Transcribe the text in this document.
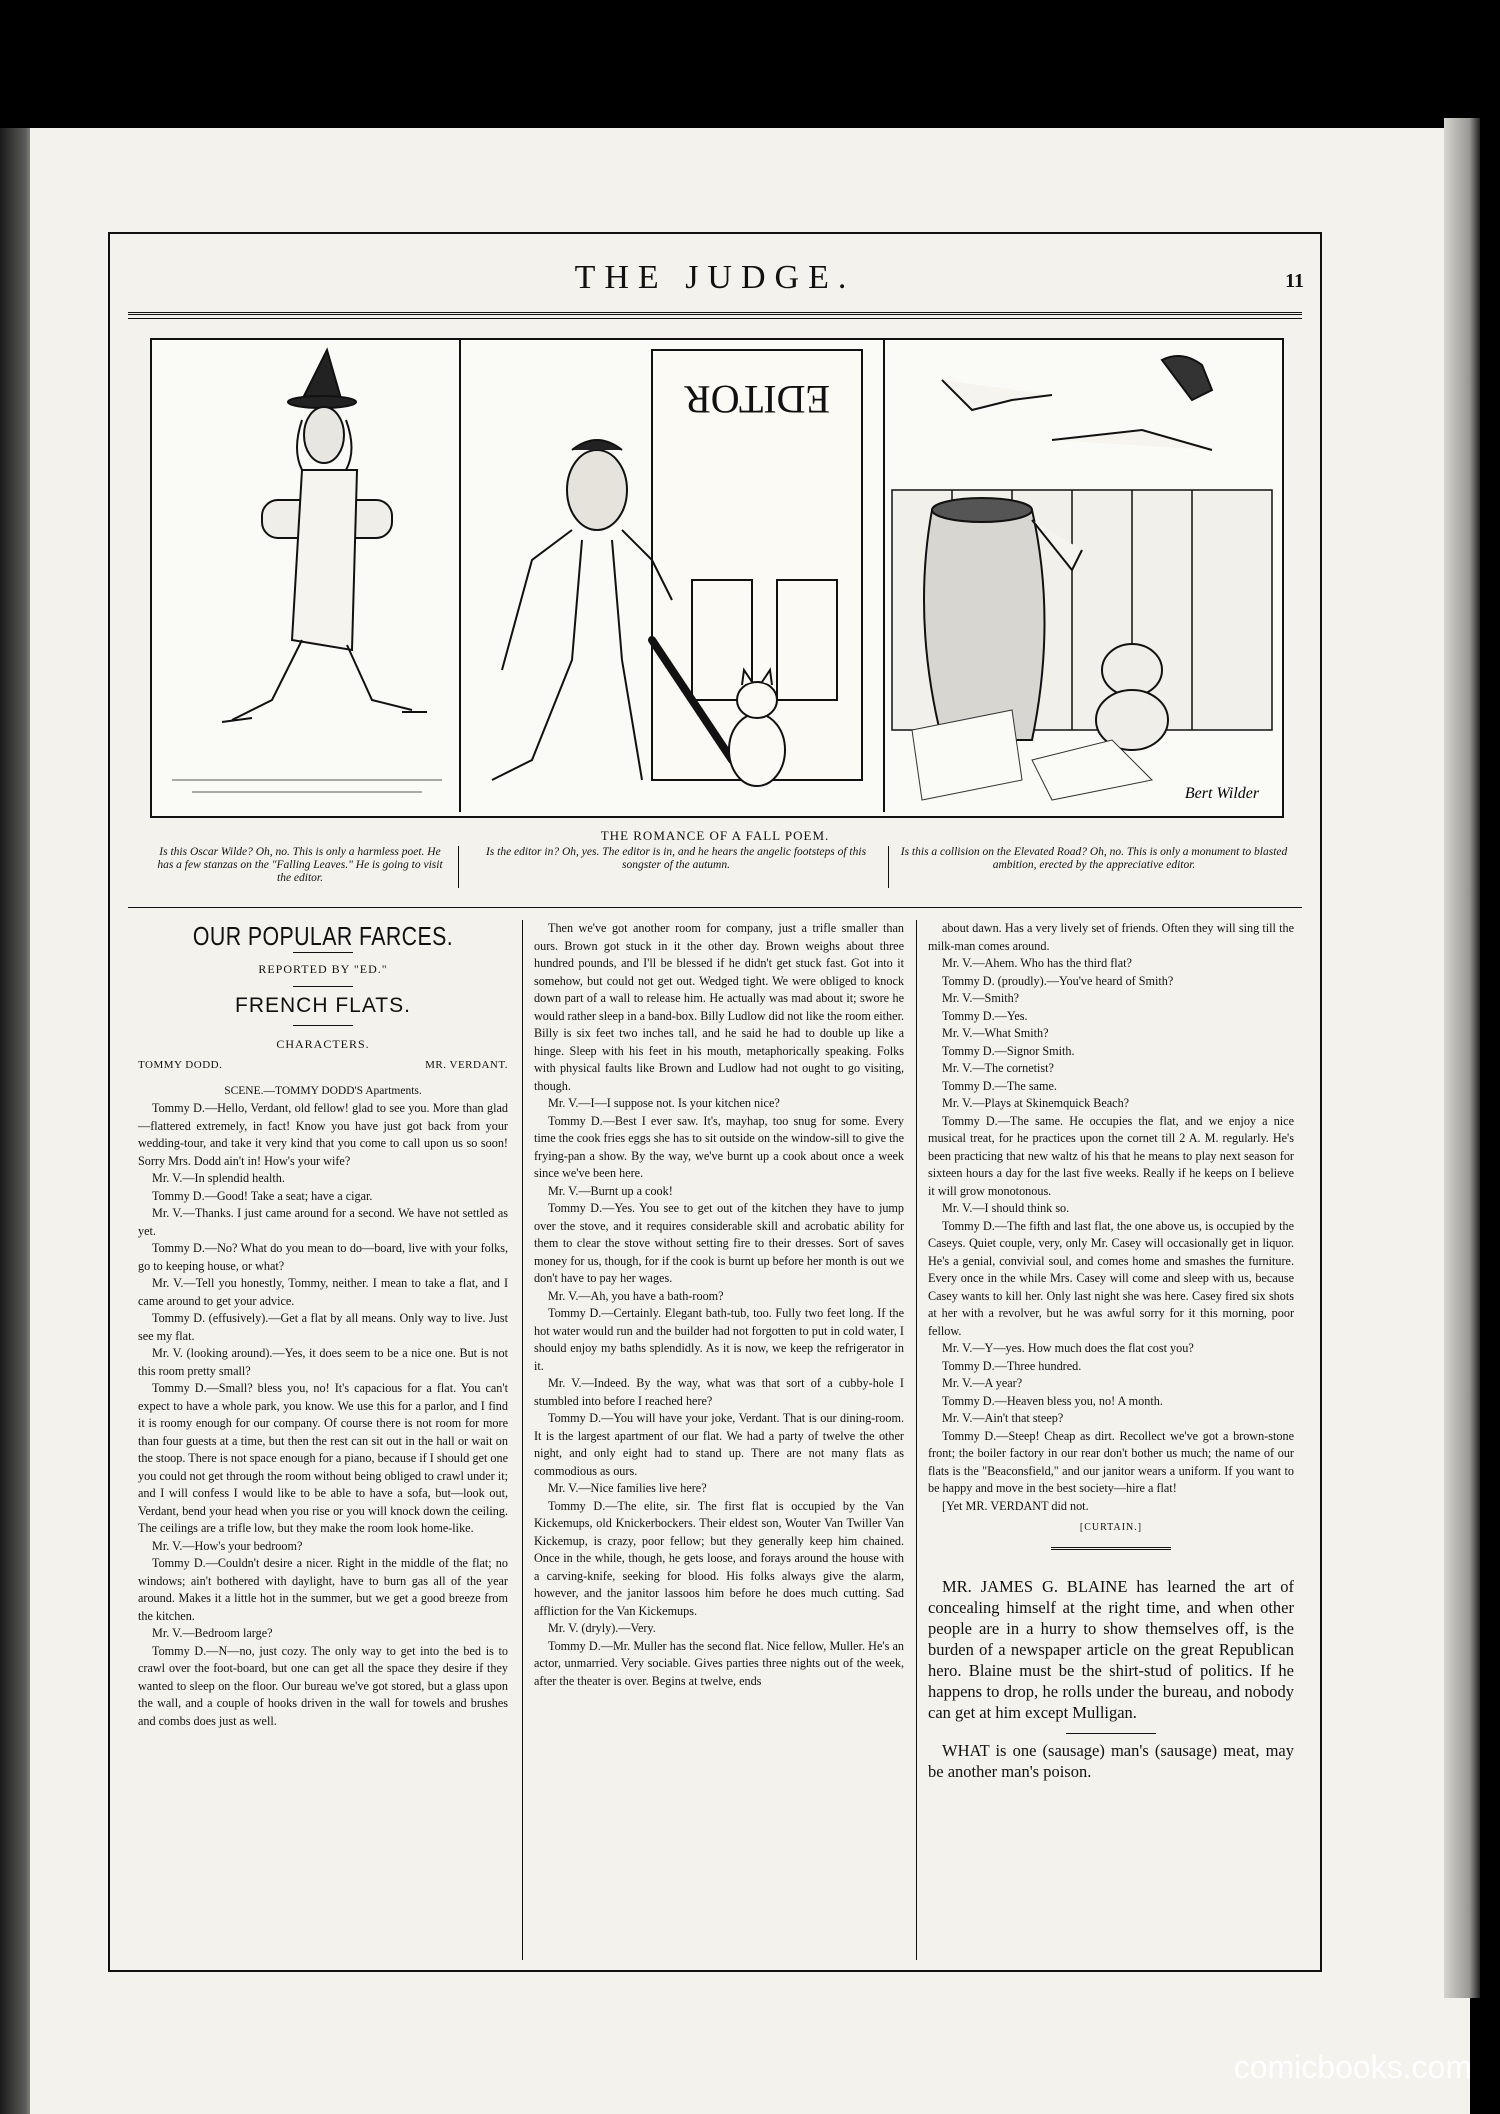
THE JUDGE.	11
EDITOR
Bert Wilder
THE ROMANCE OF A FALL POEM.
Is this Oscar Wilde? Oh, no. This is only a harmless poet. He has a few stanzas on the "Falling Leaves." He is going to visit the editor.
Is the editor in? Oh, yes. The editor is in, and he hears the angelic footsteps of this songster of the autumn.
Is this a collision on the Elevated Road? Oh, no. This is only a monument to blasted ambition, erected by the appreciative editor.
OUR POPULAR FARCES.
REPORTED BY "ED."
FRENCH FLATS.
CHARACTERS.
TOMMY DODD.	MR. VERDANT.

SCENE.—TOMMY DODD'S Apartments.

Tommy D.—Hello, Verdant, old fellow! glad to see you. More than glad—flattered extremely, in fact! Know you have just got back from your wedding-tour, and take it very kind that you come to call upon us so soon! Sorry Mrs. Dodd ain't in! How's your wife?

Mr. V.—In splendid health.

Tommy D.—Good! Take a seat; have a cigar.

Mr. V.—Thanks. I just came around for a second. We have not settled as yet.

Tommy D.—No? What do you mean to do—board, live with your folks, go to keeping house, or what?

Mr. V.—Tell you honestly, Tommy, neither. I mean to take a flat, and I came around to get your advice.

Tommy D. (effusively).—Get a flat by all means. Only way to live. Just see my flat.

Mr. V. (looking around).—Yes, it does seem to be a nice one. But is not this room pretty small?

Tommy D.—Small? bless you, no! It's capacious for a flat. You can't expect to have a whole park, you know. We use this for a parlor, and I find it is roomy enough for our company. Of course there is not room for more than four guests at a time, but then the rest can sit out in the hall or wait on the stoop. There is not space enough for a piano, because if I should get one you could not get through the room without being obliged to crawl under it; and I will confess I would like to be able to have a sofa, but—look out, Verdant, bend your head when you rise or you will knock down the ceiling. The ceilings are a trifle low, but they make the room look home-like.

Mr. V.—How's your bedroom?

Tommy D.—Couldn't desire a nicer. Right in the middle of the flat; no windows; ain't bothered with daylight, have to burn gas all of the year around. Makes it a little hot in the summer, but we get a good breeze from the kitchen.

Mr. V.—Bedroom large?

Tommy D.—N—no, just cozy. The only way to get into the bed is to crawl over the foot-board, but one can get all the space they desire if they wanted to sleep on the floor. Our bureau we've got stored, but a glass upon the wall, and a couple of hooks driven in the wall for towels and brushes and combs does just as well.

Then we've got another room for company, just a trifle smaller than ours. Brown got stuck in it the other day. Brown weighs about three hundred pounds, and I'll be blessed if he didn't get stuck fast. Got into it somehow, but could not get out. Wedged tight. We were obliged to knock down part of a wall to release him. He actually was mad about it; swore he would rather sleep in a band-box. Billy Ludlow did not like the room either. Billy is six feet two inches tall, and he said he had to double up like a hinge. Sleep with his feet in his mouth, metaphorically speaking. Folks with physical faults like Brown and Ludlow had not ought to go visiting, though.

Mr. V.—I—I suppose not. Is your kitchen nice?

Tommy D.—Best I ever saw. It's, mayhap, too snug for some. Every time the cook fries eggs she has to sit outside on the window-sill to give the frying-pan a show. By the way, we've burnt up a cook about once a week since we've been here.

Mr. V.—Burnt up a cook!

Tommy D.—Yes. You see to get out of the kitchen they have to jump over the stove, and it requires considerable skill and acrobatic ability for them to clear the stove without setting fire to their dresses. Sort of saves money for us, though, for if the cook is burnt up before her month is out we don't have to pay her wages.

Mr. V.—Ah, you have a bath-room?

Tommy D.—Certainly. Elegant bath-tub, too. Fully two feet long. If the hot water would run and the builder had not forgotten to put in cold water, I should enjoy my baths splendidly. As it is now, we keep the refrigerator in it.

Mr. V.—Indeed. By the way, what was that sort of a cubby-hole I stumbled into before I reached here?

Tommy D.—You will have your joke, Verdant. That is our dining-room. It is the largest apartment of our flat. We had a party of twelve the other night, and only eight had to stand up. There are not many flats as commodious as ours.

Mr. V.—Nice families live here?

Tommy D.—The elite, sir. The first flat is occupied by the Van Kickemups, old Knickerbockers. Their eldest son, Wouter Van Twiller Van Kickemup, is crazy, poor fellow; but they generally keep him chained. Once in the while, though, he gets loose, and forays around the house with a carving-knife, seeking for blood. His folks always give the alarm, however, and the janitor lassoos him before he does much cutting. Sad affliction for the Van Kickemups.

Mr. V. (dryly).—Very.

Tommy D.—Mr. Muller has the second flat. Nice fellow, Muller. He's an actor, unmarried. Very sociable. Gives parties three nights out of the week, after the theater is over. Begins at twelve, ends

about dawn. Has a very lively set of friends. Often they will sing till the milk-man comes around.

Mr. V.—Ahem. Who has the third flat?

Tommy D. (proudly).—You've heard of Smith?

Mr. V.—Smith?

Tommy D.—Yes.

Mr. V.—What Smith?

Tommy D.—Signor Smith.

Mr. V.—The cornetist?

Tommy D.—The same.

Mr. V.—Plays at Skinemquick Beach?

Tommy D.—The same. He occupies the flat, and we enjoy a nice musical treat, for he practices upon the cornet till 2 A. M. regularly. He's been practicing that new waltz of his that he means to play next season for sixteen hours a day for the last five weeks. Really if he keeps on I believe it will grow monotonous.

Mr. V.—I should think so.

Tommy D.—The fifth and last flat, the one above us, is occupied by the Caseys. Quiet couple, very, only Mr. Casey will occasionally get in liquor. He's a genial, convivial soul, and comes home and smashes the furniture. Every once in the while Mrs. Casey will come and sleep with us, because Casey wants to kill her. Only last night she was here. Casey fired six shots at her with a revolver, but he was awful sorry for it this morning, poor fellow.

Mr. V.—Y—yes. How much does the flat cost you?

Tommy D.—Three hundred.

Mr. V.—A year?

Tommy D.—Heaven bless you, no! A month.

Mr. V.—Ain't that steep?

Tommy D.—Steep! Cheap as dirt. Recollect we've got a brown-stone front; the boiler factory in our rear don't bother us much; the name of our flats is the "Beaconsfield," and our janitor wears a uniform. If you want to be happy and move in the best society—hire a flat!

[Yet MR. VERDANT did not.

[CURTAIN.]

MR. JAMES G. BLAINE has learned the art of concealing himself at the right time, and when other people are in a hurry to show themselves off, is the burden of a newspaper article on the great Republican hero. Blaine must be the shirt-stud of politics. If he happens to drop, he rolls under the bureau, and nobody can get at him except Mulligan.

WHAT is one (sausage) man's (sausage) meat, may be another man's poison.

comicbooks.com
